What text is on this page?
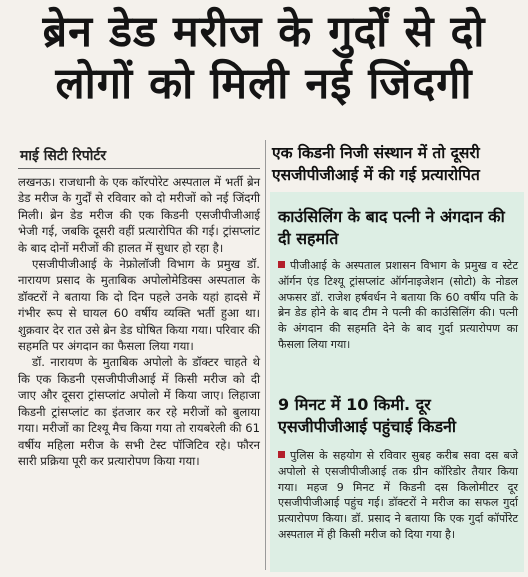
ब्रेन डेड मरीज के गुर्दों से दो
लोगों को मिली नई जिंदगी
माई सिटी रिपोर्टर	एक किडनी निजी संस्थान में तो दूसरी एसजीपीजीआई में की गई प्रत्यारोपित

लखनऊ। राजधानी के एक कॉरपोरेट अस्पताल में भर्ती ब्रेन डेड मरीज के गुर्दों से रविवार को दो मरीजों को नई जिंदगी मिली। ब्रेन डेड मरीज की एक किडनी एसजीपीजीआई भेजी गई, जबकि दूसरी वहीं प्रत्यारोपित की गई। ट्रांसप्लांट के बाद दोनों मरीजों की हालत में सुधार हो रहा है।

एसजीपीजीआई के नेफ्रोलॉजी विभाग के प्रमुख डॉ. नारायण प्रसाद के मुताबिक अपोलोमेडिक्स अस्पताल के डॉक्टरों ने बताया कि दो दिन पहले उनके यहां हादसे में गंभीर रूप से घायल 60 वर्षीय व्यक्ति भर्ती हुआ था। शुक्रवार देर रात उसे ब्रेन डेड घोषित किया गया। परिवार की सहमति पर अंगदान का फैसला लिया गया।

डॉ. नारायण के मुताबिक अपोलो के डॉक्टर चाहते थे कि एक किडनी एसजीपीजीआई में किसी मरीज को दी जाए और दूसरा ट्रांसप्लांट अपोलो में किया जाए। लिहाजा किडनी ट्रांसप्लांट का इंतजार कर रहे मरीजों को बुलाया गया। मरीजों का टिश्यू मैच किया गया तो रायबरेली की 61 वर्षीय महिला मरीज के सभी टेस्ट पॉजिटिव रहे। फौरन सारी प्रक्रिया पूरी कर प्रत्यारोपण किया गया।

काउंसिलिंग के बाद पत्नी ने अंगदान की दी सहमति
पीजीआई के अस्पताल प्रशासन विभाग के प्रमुख व स्टेट ऑर्गन एंड टिश्यू ट्रांसप्लांट ऑर्गनाइजेशन (सोटो) के नोडल अफसर डॉ. राजेश हर्षवर्धन ने बताया कि 60 वर्षीय पति के ब्रेन डेड होने के बाद टीम ने पत्नी की काउंसिलिंग की। पत्नी के अंगदान की सहमति देने के बाद गुर्दा प्रत्यारोपण का फैसला लिया गया।
9 मिनट में 10 किमी. दूर एसजीपीजीआई पहुंचाई किडनी
पुलिस के सहयोग से रविवार सुबह करीब सवा दस बजे अपोलो से एसजीपीजीआई तक ग्रीन कॉरिडोर तैयार किया गया। महज 9 मिनट में किडनी दस किलोमीटर दूर एसजीपीजीआई पहुंच गई। डॉक्टरों ने मरीज का सफल गुर्दा प्रत्यारोपण किया। डॉ. प्रसाद ने बताया कि एक गुर्दा कॉर्पोरेट अस्पताल में ही किसी मरीज को दिया गया है।
